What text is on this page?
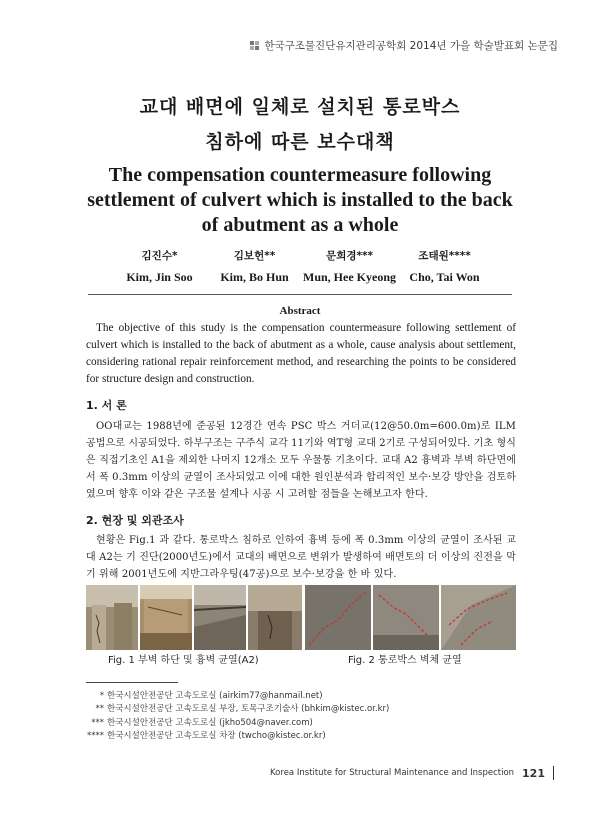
한국구조물진단유지관리공학회 2014년 가을 학술발표회 논문집
교대 배면에 일체로 설치된 통로박스
침하에 따른 보수대책
The compensation countermeasure following settlement of culvert which is installed to the back of abutment as a whole
김진수*
Kim, Jin Soo
김보헌**
Kim, Bo Hun
문희경***
Mun, Hee Kyeong
조태원****
Cho, Tai Won
Abstract
The objective of this study is the compensation countermeasure following settlement of culvert which is installed to the back of abutment as a whole, cause analysis about settlement, considering rational repair reinforcement method, and researching the points to be considered for structure design and construction.
1. 서 론
OO대교는 1988년에 준공된 12경간 연속 PSC 박스 거더교(12@50.0m=600.0m)로 ILM 공법으로 시공되었다. 하부구조는 구주식 교각 11기와 역T형 교대 2기로 구성되어있다. 기초 형식은 직접기초인 A1을 제외한 나머지 12개소 모두 우물통 기초이다. 교대 A2 흉벽과 부벽 하단면에서 폭 0.3mm 이상의 균열이 조사되었고 이에 대한 원인분석과 합리적인 보수·보강 방안을 검토하였으며 향후 이와 같은 구조물 설계나 시공 시 고려할 점들을 논해보고자 한다.
2. 현장 및 외관조사
현황은 Fig.1 과 같다. 통로박스 침하로 인하여 흉벽 등에 폭 0.3mm 이상의 균열이 조사된 교대 A2는 기 진단(2000년도)에서 교대의 배면으로 변위가 발생하여 배면토의 더 이상의 진전을 막기 위해 2001년도에 지반그라우팅(47공)으로 보수·보강을 한 바 있다.
Fig. 1 부벽 하단 및 흉벽 균열(A2)	Fig. 2 통로박스 벽체 균열
* 한국시설안전공단 고속도로실 (airkim77@hanmail.net)
** 한국시설안전공단 고속도로실 부장, 토목구조기술사 (bhkim@kistec.or.kr)
*** 한국시설안전공단 고속도로실 (jkho504@naver.com)
**** 한국시설안전공단 고속도로실 차장 (twcho@kistec.or.kr)
Korea Institute for Structural Maintenance and Inspection 121
